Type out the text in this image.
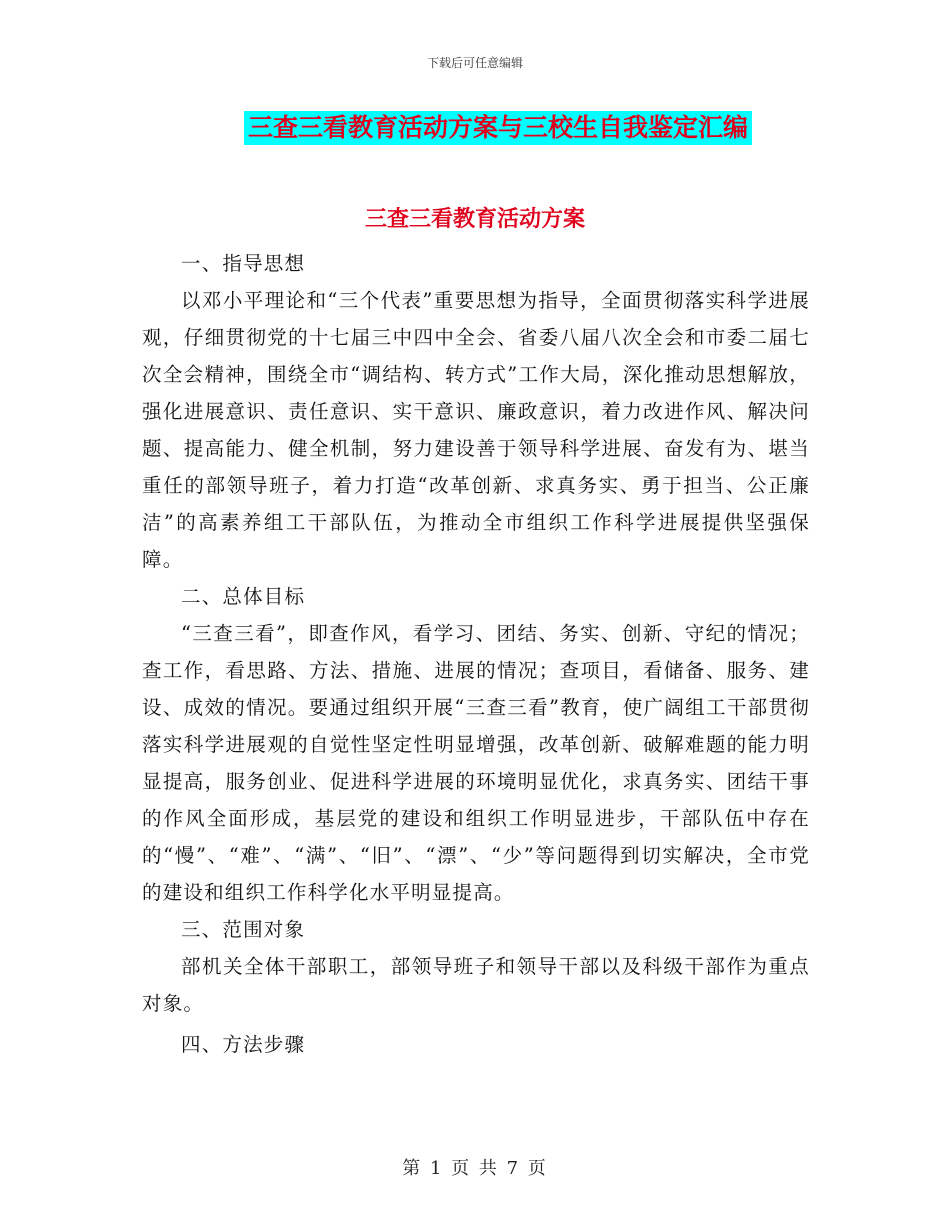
下载后可任意编辑
三查三看教育活动方案与三校生自我鉴定汇编
三查三看教育活动方案

一、指导思想

以邓小平理论和“三个代表”重要思想为指导，全面贯彻落实科学进展观，仔细贯彻党的十七届三中四中全会、省委八届八次全会和市委二届七次全会精神，围绕全市“调结构、转方式”工作大局，深化推动思想解放，强化进展意识、责任意识、实干意识、廉政意识，着力改进作风、解决问题、提高能力、健全机制，努力建设善于领导科学进展、奋发有为、堪当重任的部领导班子，着力打造“改革创新、求真务实、勇于担当、公正廉洁”的高素养组工干部队伍，为推动全市组织工作科学进展提供坚强保障。

二、总体目标

“三查三看”，即查作风，看学习、团结、务实、创新、守纪的情况；查工作，看思路、方法、措施、进展的情况；查项目，看储备、服务、建设、成效的情况。要通过组织开展“三查三看”教育，使广阔组工干部贯彻落实科学进展观的自觉性坚定性明显增强，改革创新、破解难题的能力明显提高，服务创业、促进科学进展的环境明显优化，求真务实、团结干事的作风全面形成，基层党的建设和组织工作明显进步，干部队伍中存在的“慢”、“难”、“满”、“旧”、“漂”、“少”等问题得到切实解决，全市党的建设和组织工作科学化水平明显提高。

三、范围对象

部机关全体干部职工，部领导班子和领导干部以及科级干部作为重点对象。

四、方法步骤

第 1 页 共 7 页
